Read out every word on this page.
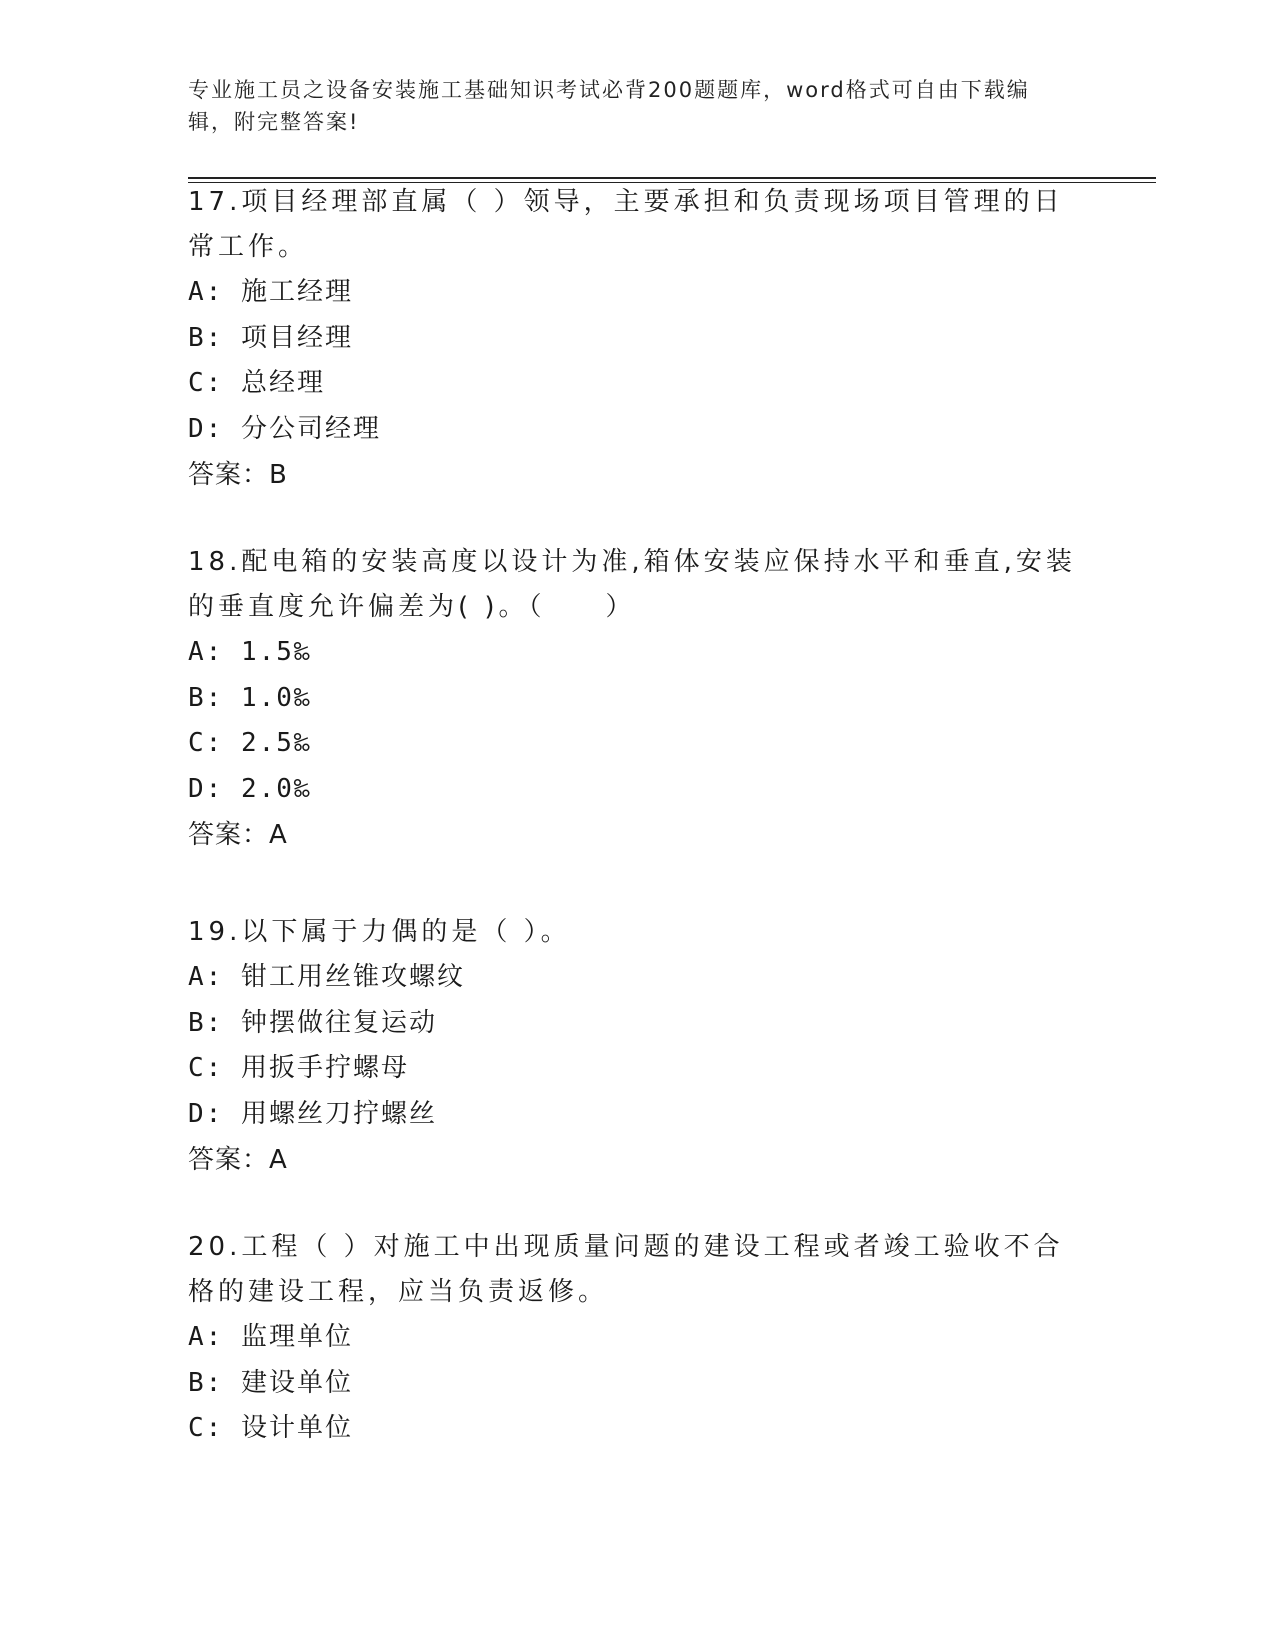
专业施工员之设备安装施工基础知识考试必背200题题库，word格式可自由下载编辑，附完整答案!
17.项目经理部直属（ ）领导，主要承担和负责现场项目管理的日常工作。
A: 施工经理
B: 项目经理
C: 总经理
D: 分公司经理
答案：B
18.配电箱的安装高度以设计为准,箱体安装应保持水平和垂直,安装的垂直度允许偏差为( )。（　　）
A: 1.5‰
B: 1.0‰
C: 2.5‰
D: 2.0‰
答案：A
19.以下属于力偶的是（ ）。
A: 钳工用丝锥攻螺纹
B: 钟摆做往复运动
C: 用扳手拧螺母
D: 用螺丝刀拧螺丝
答案：A
20.工程（ ）对施工中出现质量问题的建设工程或者竣工验收不合格的建设工程，应当负责返修。
A: 监理单位
B: 建设单位
C: 设计单位
